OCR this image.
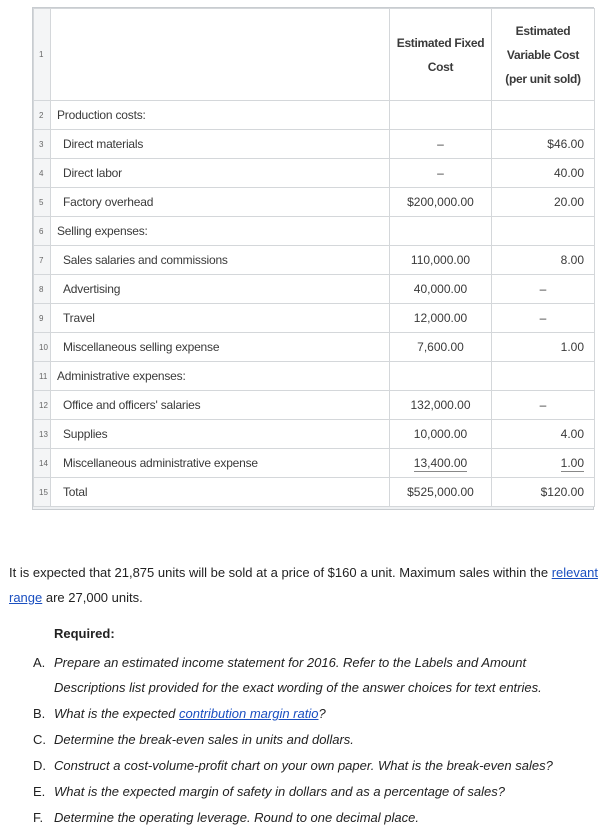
1		Estimated Fixed Cost	Estimated
Variable Cost
(per unit sold)

2	Production costs:		
3	Direct materials	–	$46.00
4	Direct labor	–	40.00
5	Factory overhead	$200,000.00	20.00
6	Selling expenses:		
7	Sales salaries and commissions	110,000.00	8.00
8	Advertising	40,000.00	–
9	Travel	12,000.00	–
10	Miscellaneous selling expense	7,600.00	1.00
11	Administrative expenses:		
12	Office and officers' salaries	132,000.00	–
13	Supplies	10,000.00	4.00
14	Miscellaneous administrative expense	13,400.00	1.00
15	Total	$525,000.00	$120.00
It is expected that 21,875 units will be sold at a price of $160 a unit. Maximum sales within the relevant range are 27,000 units.
Required:
A. Prepare an estimated income statement for 2016. Refer to the Labels and Amount Descriptions list provided for the exact wording of the answer choices for text entries.
B. What is the expected contribution margin ratio?
C. Determine the break-even sales in units and dollars.
D. Construct a cost-volume-profit chart on your own paper. What is the break-even sales?
E. What is the expected margin of safety in dollars and as a percentage of sales?
F. Determine the operating leverage. Round to one decimal place.
